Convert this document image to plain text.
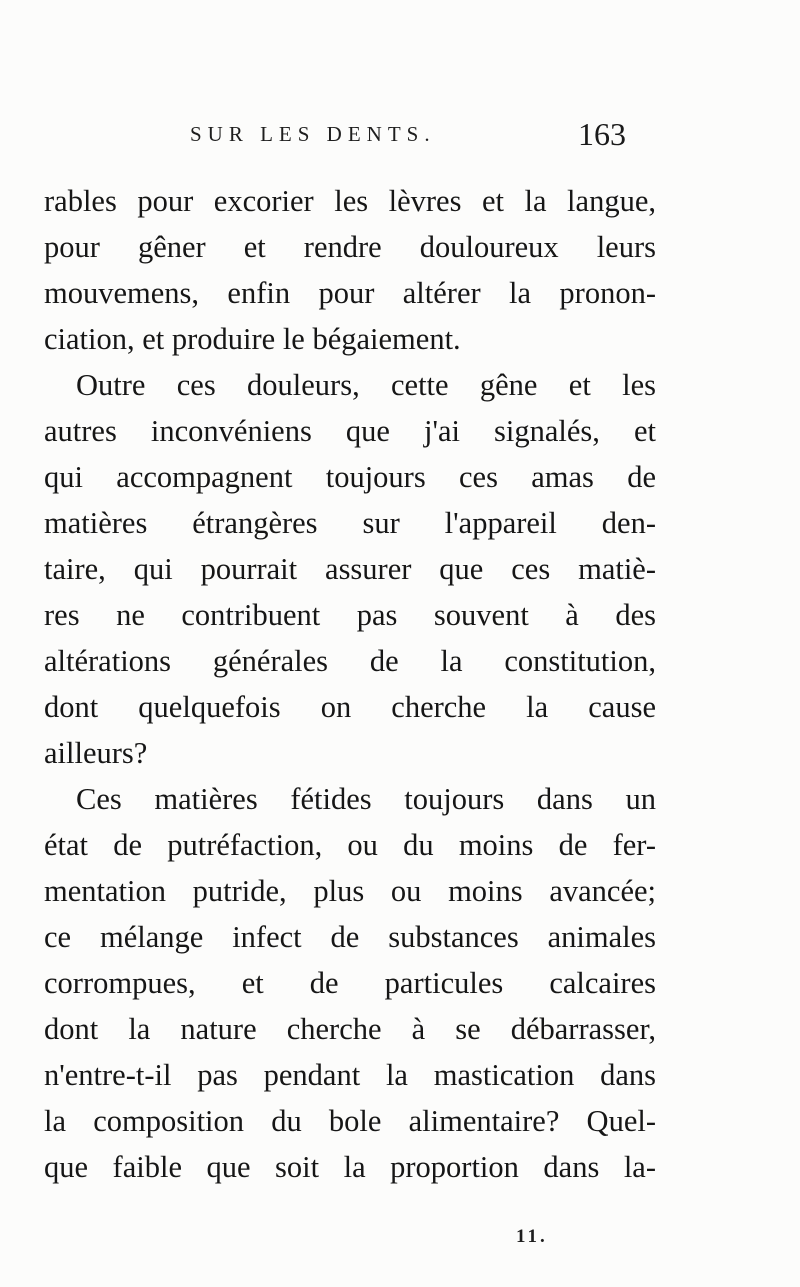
SUR LES DENTS.	163
rables pour excorier les lèvres et la langue,
pour gêner et rendre douloureux leurs
mouvemens, enfin pour altérer la pronon-
ciation, et produire le bégaiement.
Outre ces douleurs, cette gêne et les
autres inconvéniens que j'ai signalés, et
qui accompagnent toujours ces amas de
matières étrangères sur l'appareil den-
taire, qui pourrait assurer que ces matiè-
res ne contribuent pas souvent à des
altérations générales de la constitution,
dont quelquefois on cherche la cause
ailleurs?
Ces matières fétides toujours dans un
état de putréfaction, ou du moins de fer-
mentation putride, plus ou moins avancée;
ce mélange infect de substances animales
corrompues, et de particules calcaires
dont la nature cherche à se débarrasser,
n'entre-t-il pas pendant la mastication dans
la composition du bole alimentaire? Quel-
que faible que soit la proportion dans la-
11.
